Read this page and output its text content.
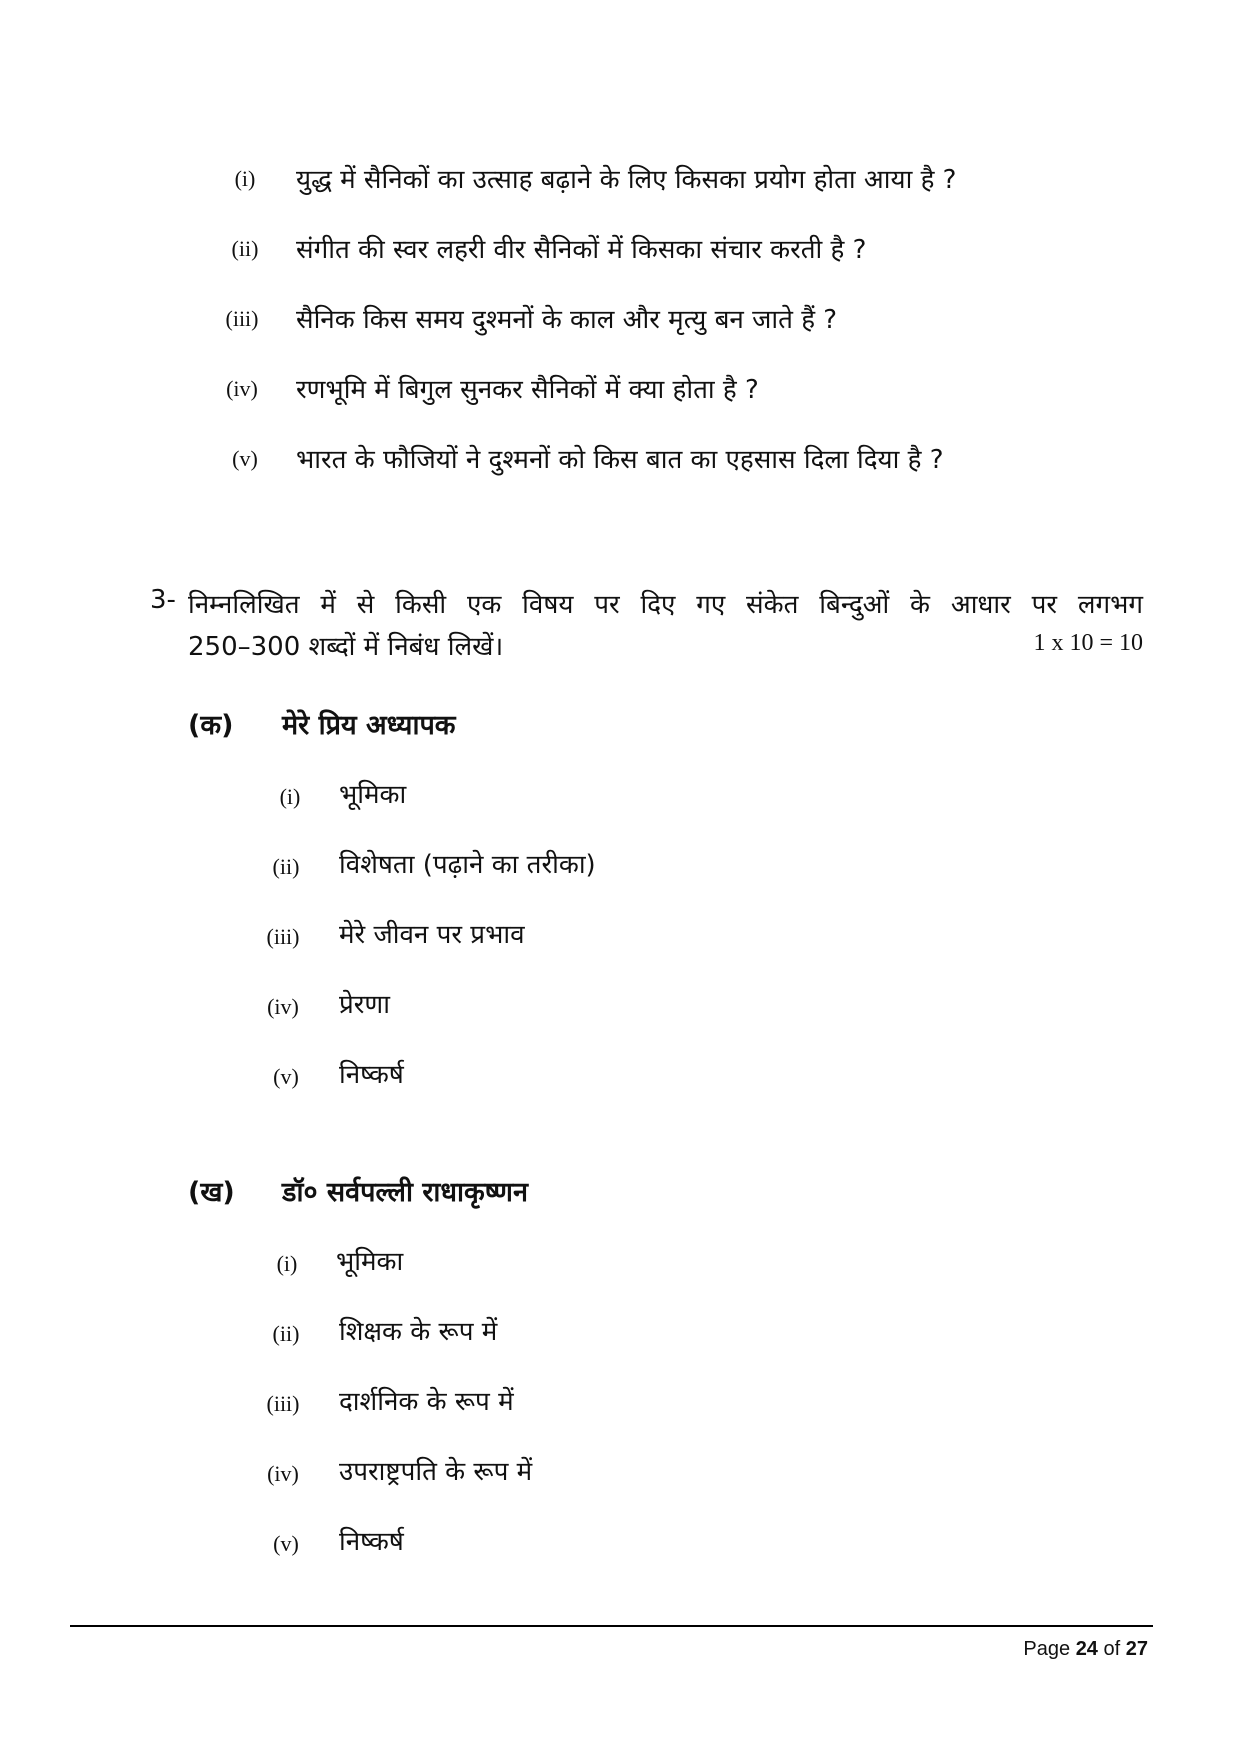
(i)	युद्ध में सैनिकों का उत्साह बढ़ाने के लिए किसका प्रयोग होता आया है ?
(ii)	संगीत की स्वर लहरी वीर सैनिकों में किसका संचार करती है ?
(iii)	सैनिक किस समय दुश्मनों के काल और मृत्यु बन जाते हैं ?
(iv)	रणभूमि में बिगुल सुनकर सैनिकों में क्या होता है ?
(v)	भारत के फौजियों ने दुश्मनों को किस बात का एहसास दिला दिया है ?
3- निम्नलिखित में से किसी एक विषय पर दिए गए संकेत बिन्दुओं के आधार पर लगभग
250–300 शब्दों में निबंध लिखें।	1 x 10 = 10
(क) मेरे प्रिय अध्यापक
(i)	भूमिका
(ii)	विशेषता (पढ़ाने का तरीका)
(iii)	मेरे जीवन पर प्रभाव
(iv)	प्रेरणा
(v)	निष्कर्ष
(ख) डॉ० सर्वपल्ली राधाकृष्णन
(i)	भूमिका
(ii)	शिक्षक के रूप में
(iii)	दार्शनिक के रूप में
(iv)	उपराष्ट्रपति के रूप में
(v)	निष्कर्ष
Page 24 of 27
